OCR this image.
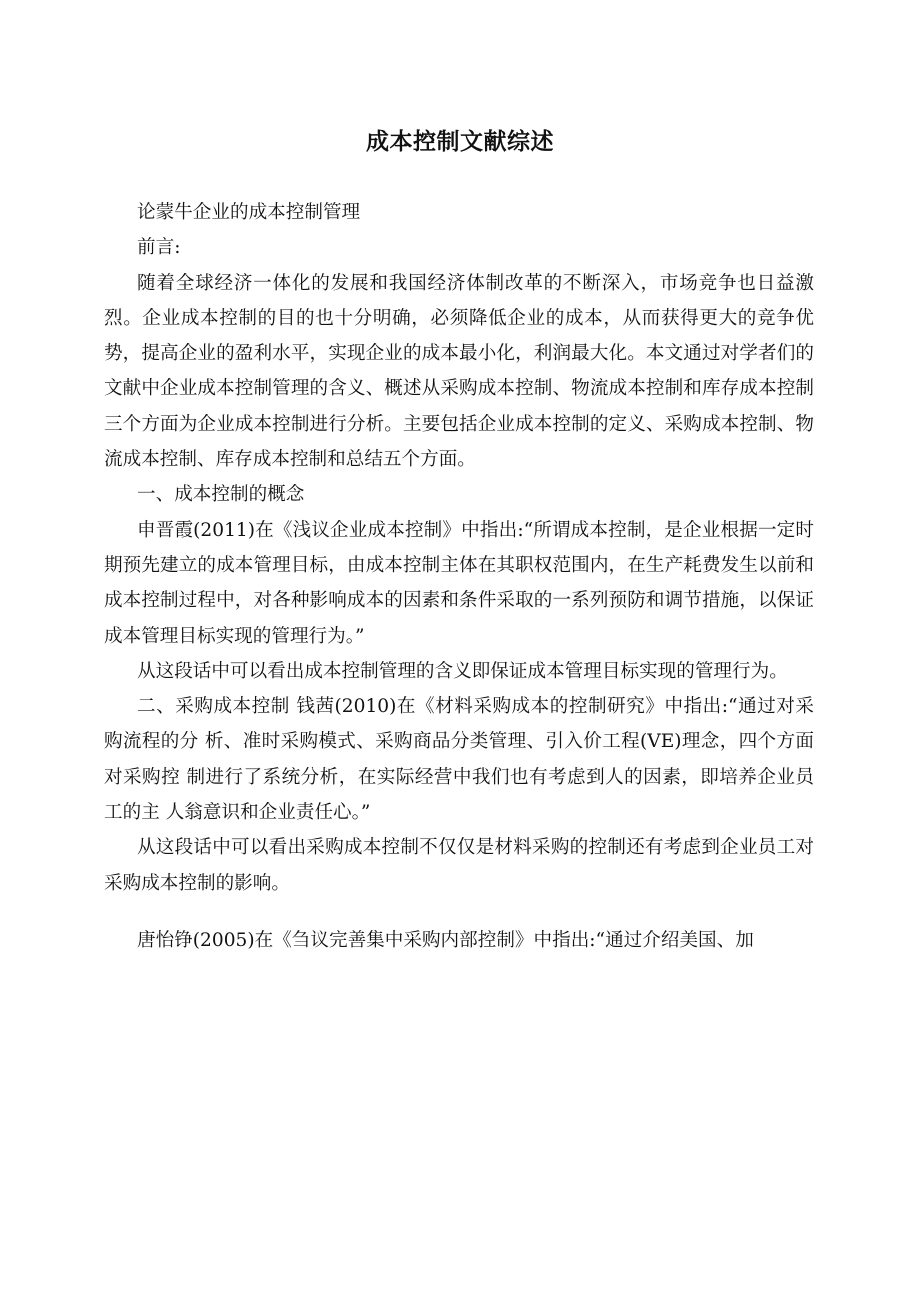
成本控制文献综述

论蒙牛企业的成本控制管理

前言:

随着全球经济一体化的发展和我国经济体制改革的不断深入，市场竞争也日益激烈。企业成本控制的目的也十分明确，必须降低企业的成本，从而获得更大的竞争优势，提高企业的盈利水平，实现企业的成本最小化，利润最大化。本文通过对学者们的文献中企业成本控制管理的含义、概述从采购成本控制、物流成本控制和库存成本控制三个方面为企业成本控制进行分析。主要包括企业成本控制的定义、采购成本控制、物流成本控制、库存成本控制和总结五个方面。

一、成本控制的概念

申晋霞(2011)在《浅议企业成本控制》中指出:“所谓成本控制，是企业根据一定时期预先建立的成本管理目标，由成本控制主体在其职权范围内，在生产耗费发生以前和成本控制过程中，对各种影响成本的因素和条件采取的一系列预防和调节措施，以保证成本管理目标实现的管理行为。”

从这段话中可以看出成本控制管理的含义即保证成本管理目标实现的管理行为。

二、采购成本控制 钱茜(2010)在《材料采购成本的控制研究》中指出:“通过对采购流程的分 析、准时采购模式、采购商品分类管理、引入价工程(VE)理念，四个方面对采购控 制进行了系统分析，在实际经营中我们也有考虑到人的因素，即培养企业员工的主 人翁意识和企业责任心。”

从这段话中可以看出采购成本控制不仅仅是材料采购的控制还有考虑到企业员工对采购成本控制的影响。

唐怡铮(2005)在《刍议完善集中采购内部控制》中指出:“通过介绍美国、加
